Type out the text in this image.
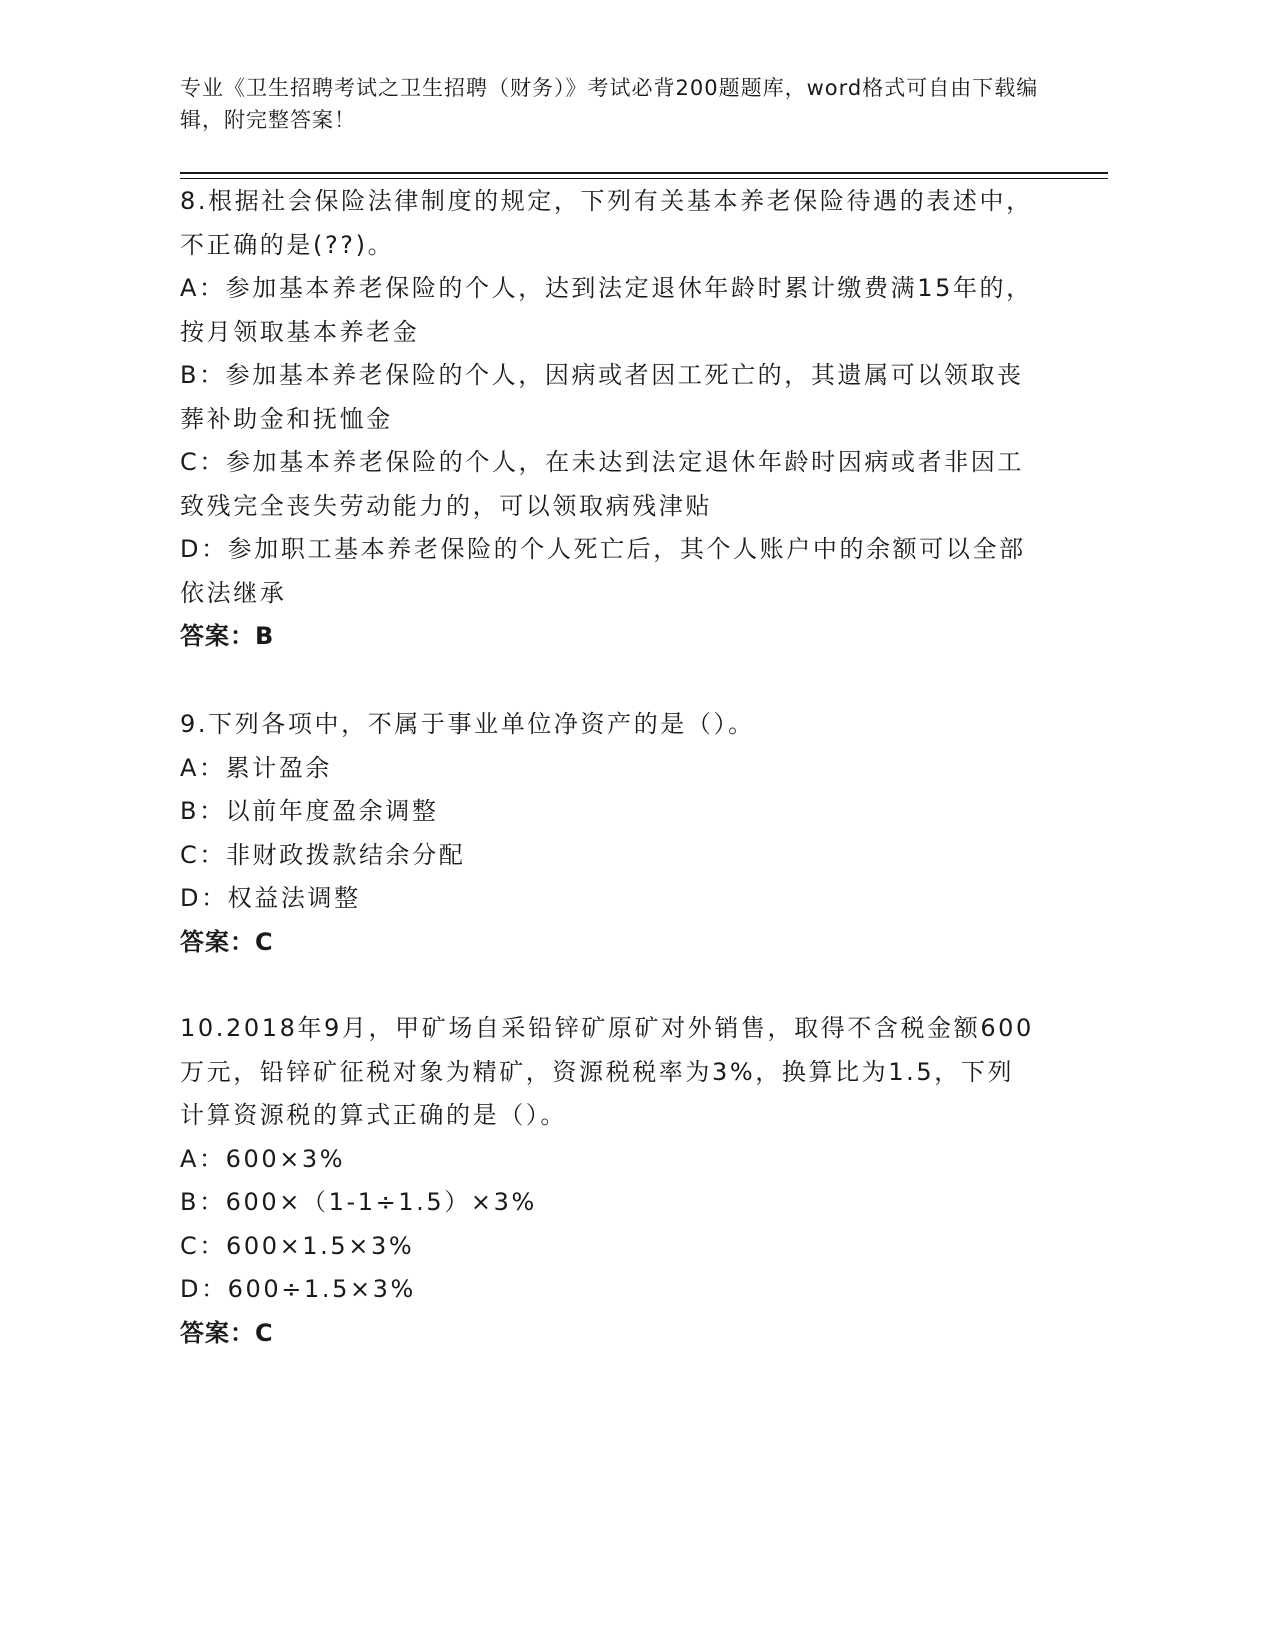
专业《卫生招聘考试之卫生招聘（财务）》考试必背200题题库，word格式可自由下载编辑，附完整答案！
8.根据社会保险法律制度的规定，下列有关基本养老保险待遇的表述中，不正确的是(??)。
A：参加基本养老保险的个人，达到法定退休年龄时累计缴费满15年的，按月领取基本养老金
B：参加基本养老保险的个人，因病或者因工死亡的，其遗属可以领取丧葬补助金和抚恤金
C：参加基本养老保险的个人，在未达到法定退休年龄时因病或者非因工致残完全丧失劳动能力的，可以领取病残津贴
D：参加职工基本养老保险的个人死亡后，其个人账户中的余额可以全部依法继承
答案：B
9.下列各项中，不属于事业单位净资产的是（）。
A：累计盈余
B：以前年度盈余调整
C：非财政拨款结余分配
D：权益法调整
答案：C
10.2018年9月，甲矿场自采铅锌矿原矿对外销售，取得不含税金额600万元，铅锌矿征税对象为精矿，资源税税率为3%，换算比为1.5，下列计算资源税的算式正确的是（）。
A：600×3%
B：600×（1-1÷1.5）×3%
C：600×1.5×3%
D：600÷1.5×3%
答案：C
